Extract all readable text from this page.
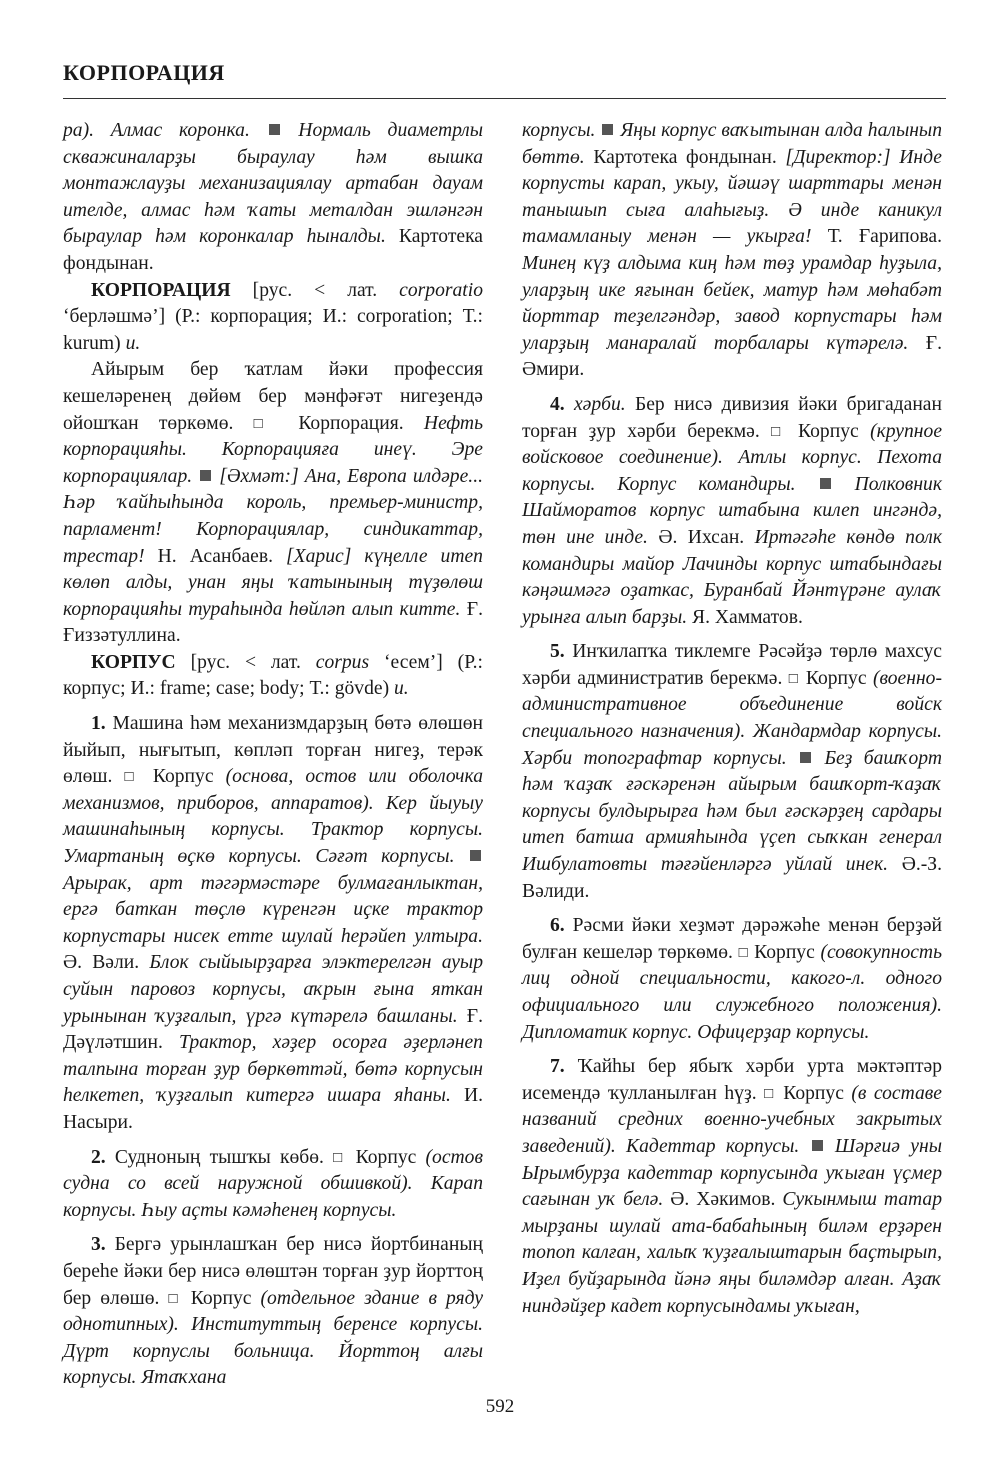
КОРПОРАЦИЯ

ра). Алмас коронка.  Нормаль диаметрлы скважиналарҙы быраулау һәм вышка монтажлауҙы механизациялау артабан дауам ителде, алмас һәм ҡаты металдан эшләнгән быраулар һәм коронкалар һыналды. Картотека фондынан.

КОРПОРАЦИЯ [рус. < лат. corporatio ‘берләшмә’] (Р.: корпорация; И.: corporation; Т.: kurum) и.

Айырым бер ҡатлам йәки профессия кешеләренең дөйөм бер мәнфәғәт нигеҙендә ойошҡан төркөмө. □ Корпорация. Нефть корпорацияһы. Корпорацияға инеү. Эре корпорациялар.  [Әхмәт:] Ана, Европа илдәре... Һәр ҡайһыһында король, премьер-министр, парламент! Корпорациялар, синдикаттар, трестар! Н. Асанбаев. [Харис] күңелле итеп көлөп алды, унан яңы ҡатынының түҙөлөш корпорацияһы тураһында һөйләп алып китте. Ғ. Ғиззәтуллина.

КОРПУС [рус. < лат. corpus ‘есем’] (Р.: корпус; И.: frame; case; body; Т.: gövde) и.

1. Машина һәм механизмдарҙың бөтә өлөшөн йыйып, нығытып, көпләп торған нигеҙ, терәк өлөш. □ Корпус (основа, остов или оболочка механизмов, приборов, аппаратов). Кер йыуыу машинаһының корпусы. Трактор корпусы. Умартаның өҫкө корпусы. Сәғәт корпусы.  Арырак, арт тәгәрмәстәре булмағанлыктан, ергә баткан төҫлө күренгән иҫке трактор корпустары нисек етте шулай һерәйеп ултыра. Ә. Вәли. Блок сыйыырҙарға элэктерелгән ауыр суйын паровоз корпусы, аҡрын ғына яткан урынынан ҡуҙғалып, үргә күтәрелә башланы. Ғ. Дәүләтшин. Трактор, хәҙер осорға әҙерләнеп талпына торған ҙур бөркөттәй, бөтә корпусын һелкетеп, ҡуҙғалып китергә ишара яһаны. И. Насыри.

2. Судноның тышҡы көбө. □ Корпус (остов судна со всей наружной обшивкой). Карап корпусы. Һыу аҫты кәмәһенең корпусы.

3. Бергә урынлашҡан бер нисә йортбинаның береһе йәки бер нисә өлөштән торған ҙур йорттоң бер өлөшө. □ Корпус (отдельное здание в ряду однотипных). Институттың беренсе корпусы. Дүрт корпуслы больница. Йорттоң алғы корпусы. Ятаҡхана

корпусы.  Яңы корпус ваҡытынан алда һалынып бөттө. Картотека фондынан. [Директор:] Инде корпусты карап, укыу, йәшәү шарттары менән танышып сыға алаһығыҙ. Ә инде каникул тамамланыу менән — укырға! Т. Ғарипова. Минең күҙ алдыма киң һәм төҙ урамдар һуҙыла, уларҙың ике яғынан бейек, матур һәм мөһабәт йорттар теҙелгәндәр, завод корпустары һәм уларҙың манаралай торбалары күтәрелә. Ғ. Әмири.

4. хәрби. Бер нисә дивизия йәки бригаданан торған ҙур хәрби берекмә. □ Корпус (крупное войсковое соединение). Атлы корпус. Пехота корпусы. Корпус командиры.  Полковник Шайморатов корпус штабына килеп ингәндә, төн ине инде. Ә. Ихсан. Иртәгәһе көндө полк командиры майор Лачинды корпус штабындағы кәңәшмәгә оҙаткас, Буранбай Йәнтүрәне аулаҡ урынға алып барҙы. Я. Хамматов.

5. Инҡилапҡа тиклемге Рәсәйҙә төрлө махсус хәрби административ берекмә. □ Корпус (военно-административное объединение войск специального назначения). Жандармдар корпусы. Хәрби топографтар корпусы.  Беҙ башҡорт һәм ҡаҙаҡ ғәскәренән айырым башҡорт-ҡаҙаҡ корпусы булдырырға һәм был ғәскәрҙең сардары итеп батша армияһында үҫеп сыҡкан генерал Ишбулатовты тәғәйенләргә уйлай инек. Ә.-З. Вәлиди.

6. Рәсми йәки хеҙмәт дәрәжәһе менән берҙәй булған кешеләр төркөмө. □ Корпус (совокупность лиц одной специальности, какого-л. одного официального или служебного положения). Дипломатик корпус. Офицерҙар корпусы.

7. Ҡайһы бер ябыҡ хәрби урта мәктәптәр исемендә ҡулланылған һүҙ. □ Корпус (в составе названий средних военно-учебных закрытых заведений). Кадеттар корпусы.  Шәрғиә уны Ырымбурҙа кадеттар корпусында уҡыған үҫмер сағынан уҡ белә. Ә. Хәкимов. Сукынмыш татар мырҙаны шулай ата-бабаһының биләм ерҙәрен топоп калған, халыҡ ҡуҙғалыштарын баҫтырып, Иҙел буйҙарында йәнә яңы биләмдәр алған. Аҙаҡ ниндәйҙер кадет корпусындамы уҡыған,

592
